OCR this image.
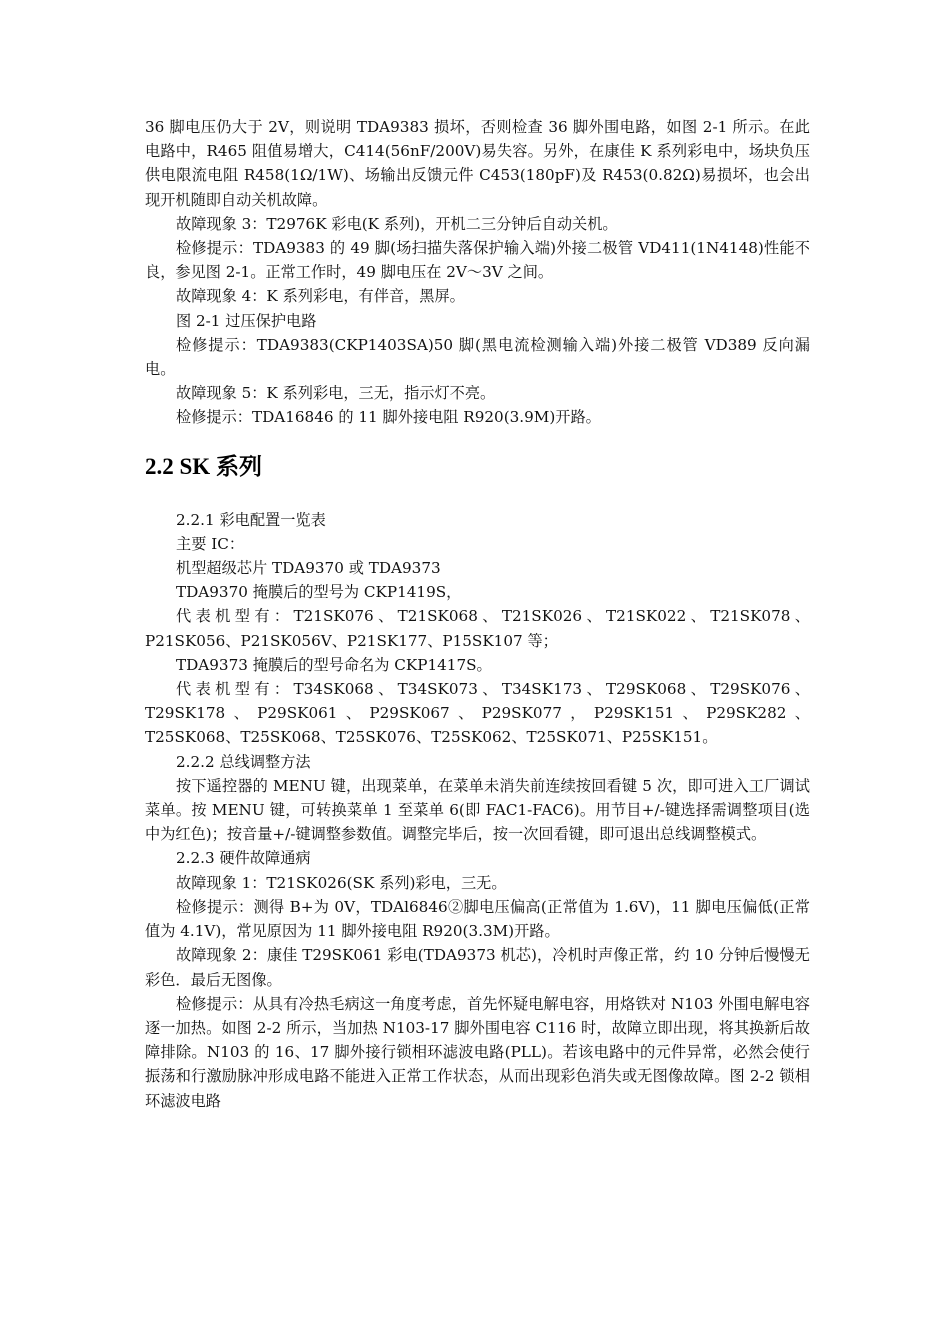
36 脚电压仍大于 2V，则说明 TDA9383 损坏，否则检查 36 脚外围电路，如图 2-1 所示。在此电路中，R465 阻值易增大，C414(56nF/200V)易失容。另外，在康佳 K 系列彩电中，场块负压供电限流电阻 R458(1Ω/1W)、场输出反馈元件 C453(180pF)及 R453(0.82Ω)易损坏，也会出现开机随即自动关机故障。

故障现象 3：T2976K 彩电(K 系列)，开机二三分钟后自动关机。

检修提示：TDA9383 的 49 脚(场扫描失落保护输入端)外接二极管 VD411(1N4148)性能不良，参见图 2-1。正常工作时，49 脚电压在 2V～3V 之间。

故障现象 4：K 系列彩电，有伴音，黑屏。

图 2-1 过压保护电路

检修提示：TDA9383(CKP1403SA)50 脚(黑电流检测输入端)外接二极管 VD389 反向漏电。

故障现象 5：K 系列彩电，三无，指示灯不亮。

检修提示：TDA16846 的 11 脚外接电阻 R920(3.9M)开路。

2.2 SK 系列

2.2.1 彩电配置一览表

主要 IC：

机型超级芯片 TDA9370 或 TDA9373

TDA9370 掩膜后的型号为 CKP1419S，

代表机型有：T21SK076、T21SK068、T21SK026、T21SK022、T21SK078、P21SK056、P21SK056V、P21SK177、P15SK107 等；

TDA9373 掩膜后的型号命名为 CKP1417S。

代表机型有：T34SK068、T34SK073、T34SK173、T29SK068、T29SK076、T29SK178、P29SK061、P29SK067、P29SK077，P29SK151、P29SK282、T25SK068、T25SK068、T25SK076、T25SK062、T25SK071、P25SK151。

2.2.2 总线调整方法

按下遥控器的 MENU 键，出现菜单，在菜单未消失前连续按回看键 5 次，即可进入工厂调试菜单。按 MENU 键，可转换菜单 1 至菜单 6(即 FAC1-FAC6)。用节目+/-键选择需调整项目(选中为红色)；按音量+/-键调整参数值。调整完毕后，按一次回看键，即可退出总线调整模式。

2.2.3 硬件故障通病

故障现象 1：T21SK026(SK 系列)彩电，三无。

检修提示：测得 B+为 0V，TDAl6846②脚电压偏高(正常值为 1.6V)，11 脚电压偏低(正常值为 4.1V)，常见原因为 11 脚外接电阻 R920(3.3M)开路。

故障现象 2：康佳 T29SK061 彩电(TDA9373 机芯)，冷机时声像正常，约 10 分钟后慢慢无彩色．最后无图像。

检修提示：从具有冷热毛病这一角度考虑，首先怀疑电解电容，用烙铁对 N103 外围电解电容逐一加热。如图 2-2 所示，当加热 N103-17 脚外围电容 C116 时，故障立即出现，将其换新后故障排除。N103 的 16、17 脚外接行锁相环滤波电路(PLL)。若该电路中的元件异常，必然会使行振荡和行激励脉冲形成电路不能进入正常工作状态，从而出现彩色消失或无图像故障。图 2-2 锁相环滤波电路
